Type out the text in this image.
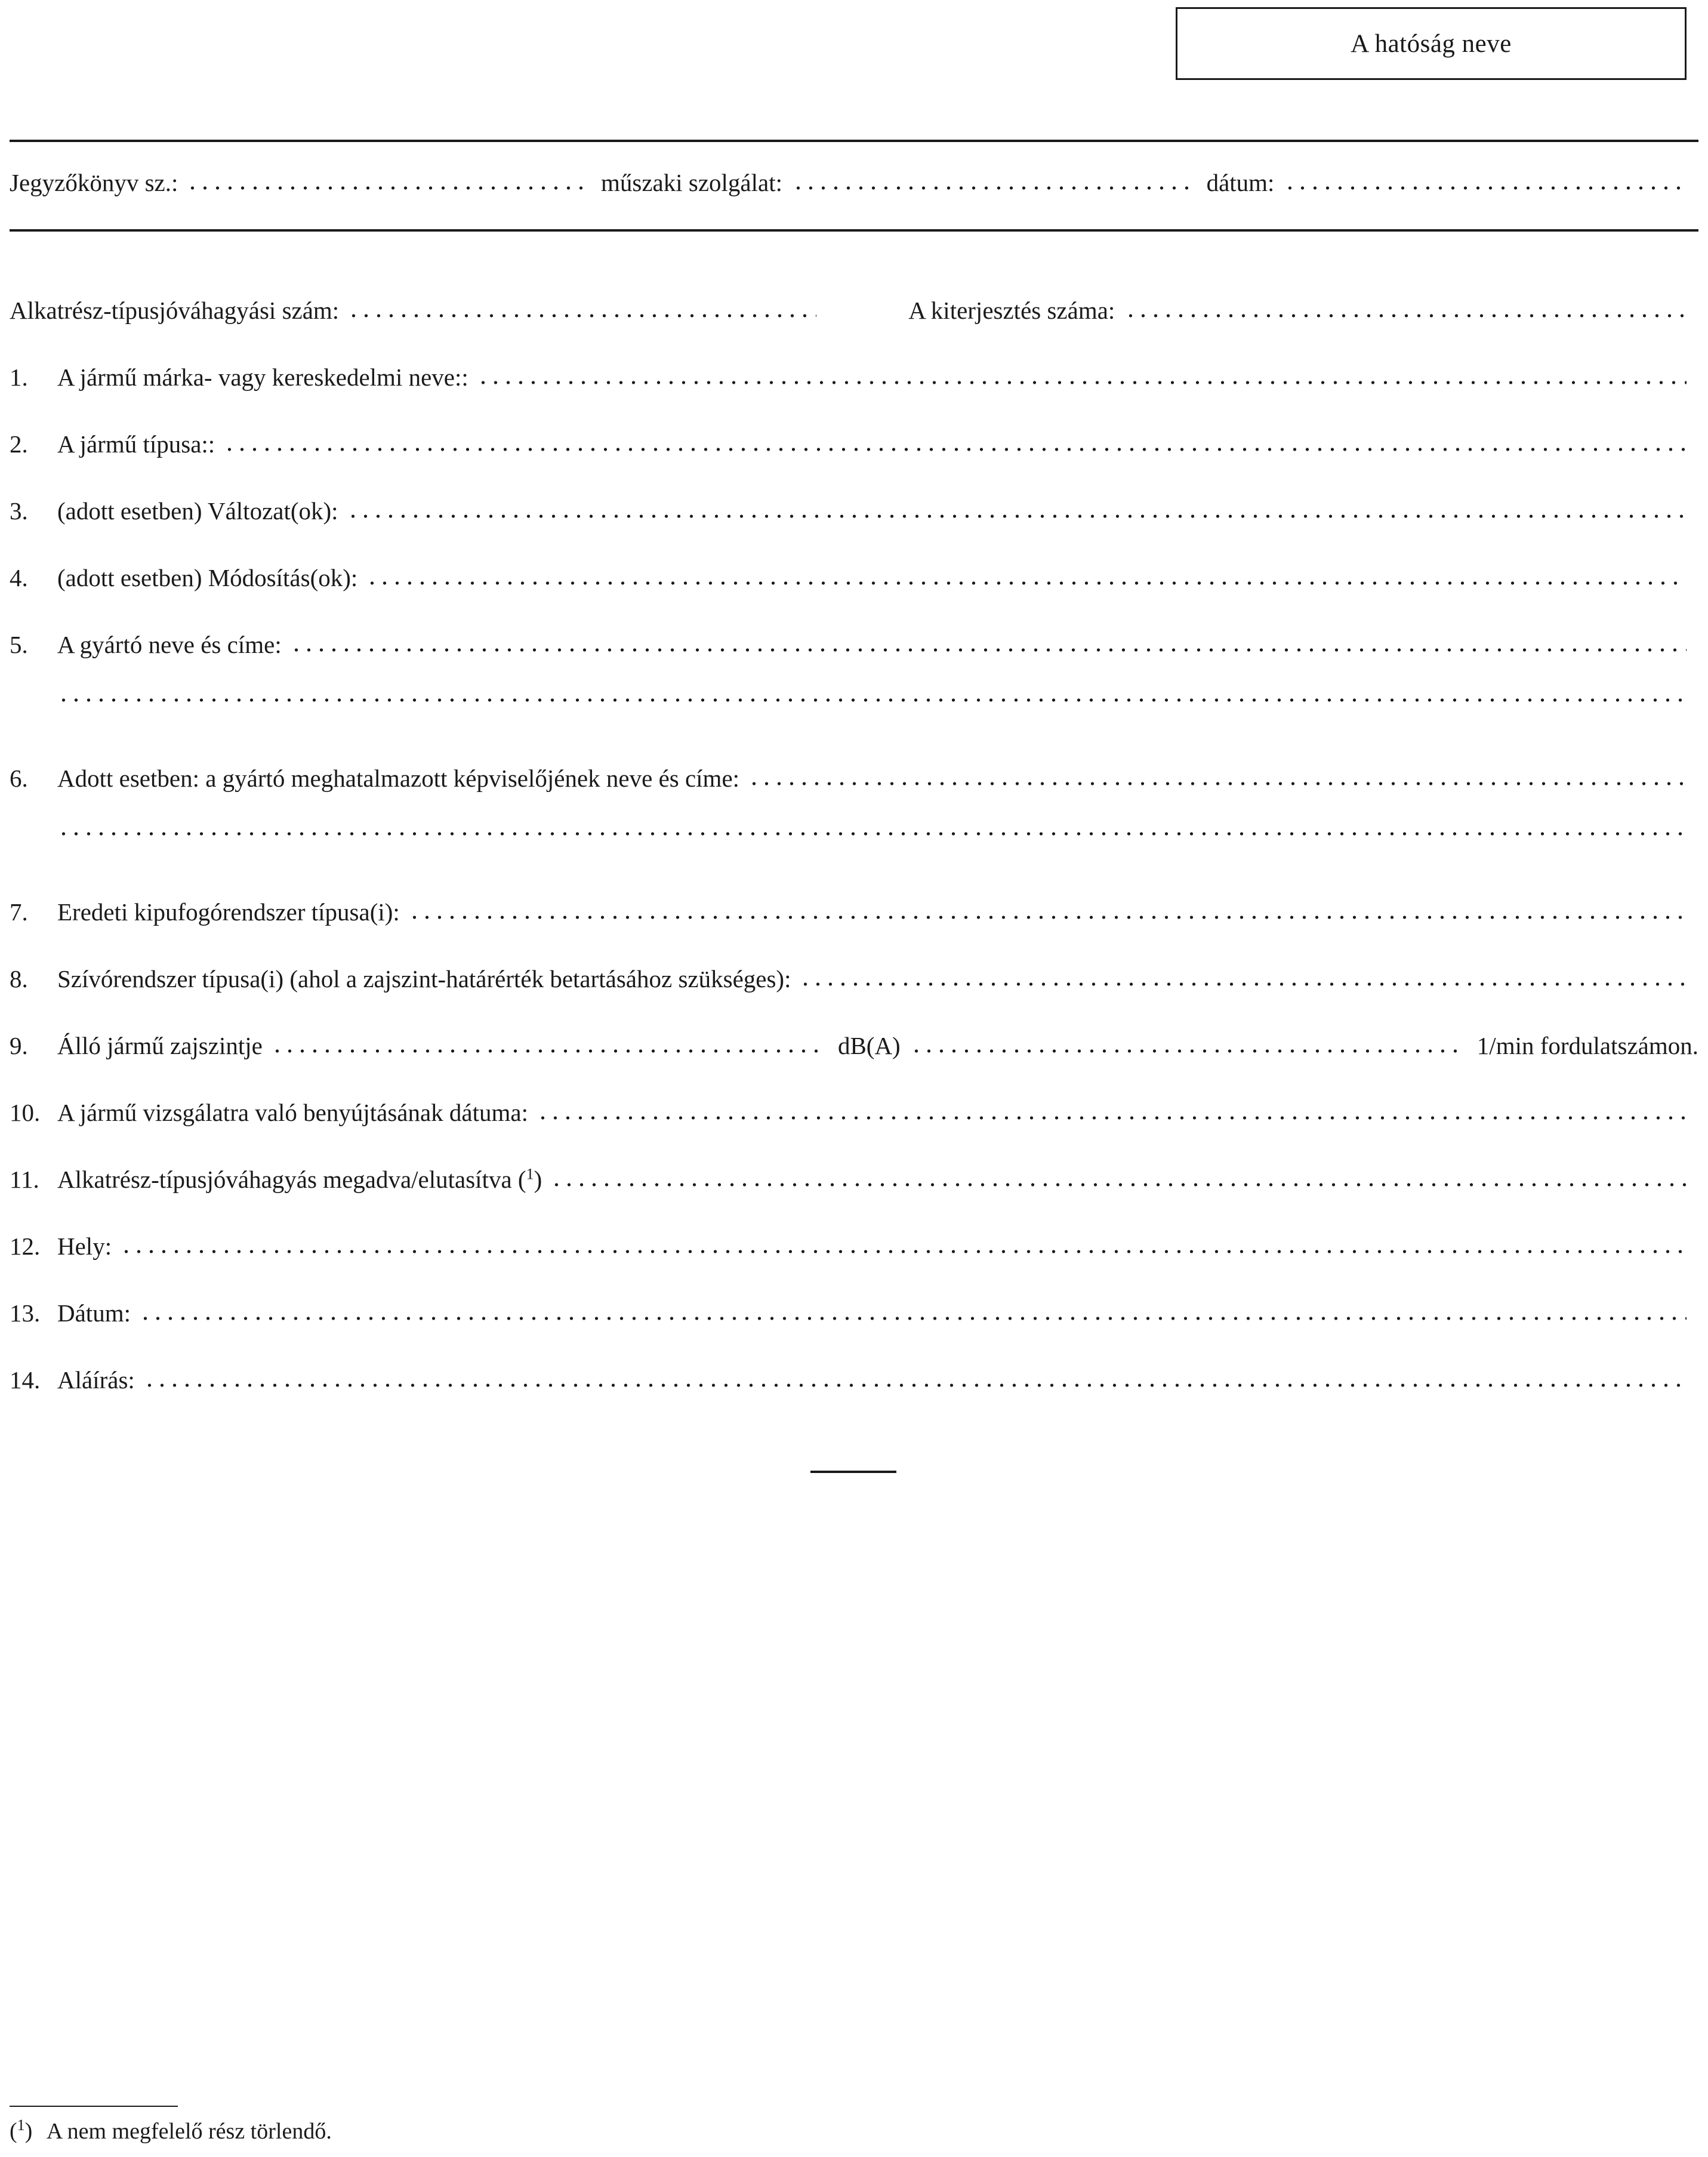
A hatóság neve
Jegyzőkönyv sz.:	műszaki szolgálat:	dátum:
Alkatrész-típusjóváhagyási szám:	A kiterjesztés száma:
1.	A jármű márka- vagy kereskedelmi neve::
2.	A jármű típusa::
3.	(adott esetben) Változat(ok):
4.	(adott esetben) Módosítás(ok):
5.	A gyártó neve és címe:
6.	Adott esetben: a gyártó meghatalmazott képviselőjének neve és címe:
7.	Eredeti kipufogórendszer típusa(i):
8.	Szívórendszer típusa(i) (ahol a zajszint-határérték betartásához szükséges):
9.	Álló jármű zajszintje	dB(A)	1/min fordulatszámon.
10. A jármű vizsgálatra való benyújtásának dátuma:
11. Alkatrész-típusjóváhagyás megadva/elutasítva ($^1$)
12. Hely:
13. Dátum:
14. Aláírás:
($^1$) A nem megfelelő rész törlendő.
